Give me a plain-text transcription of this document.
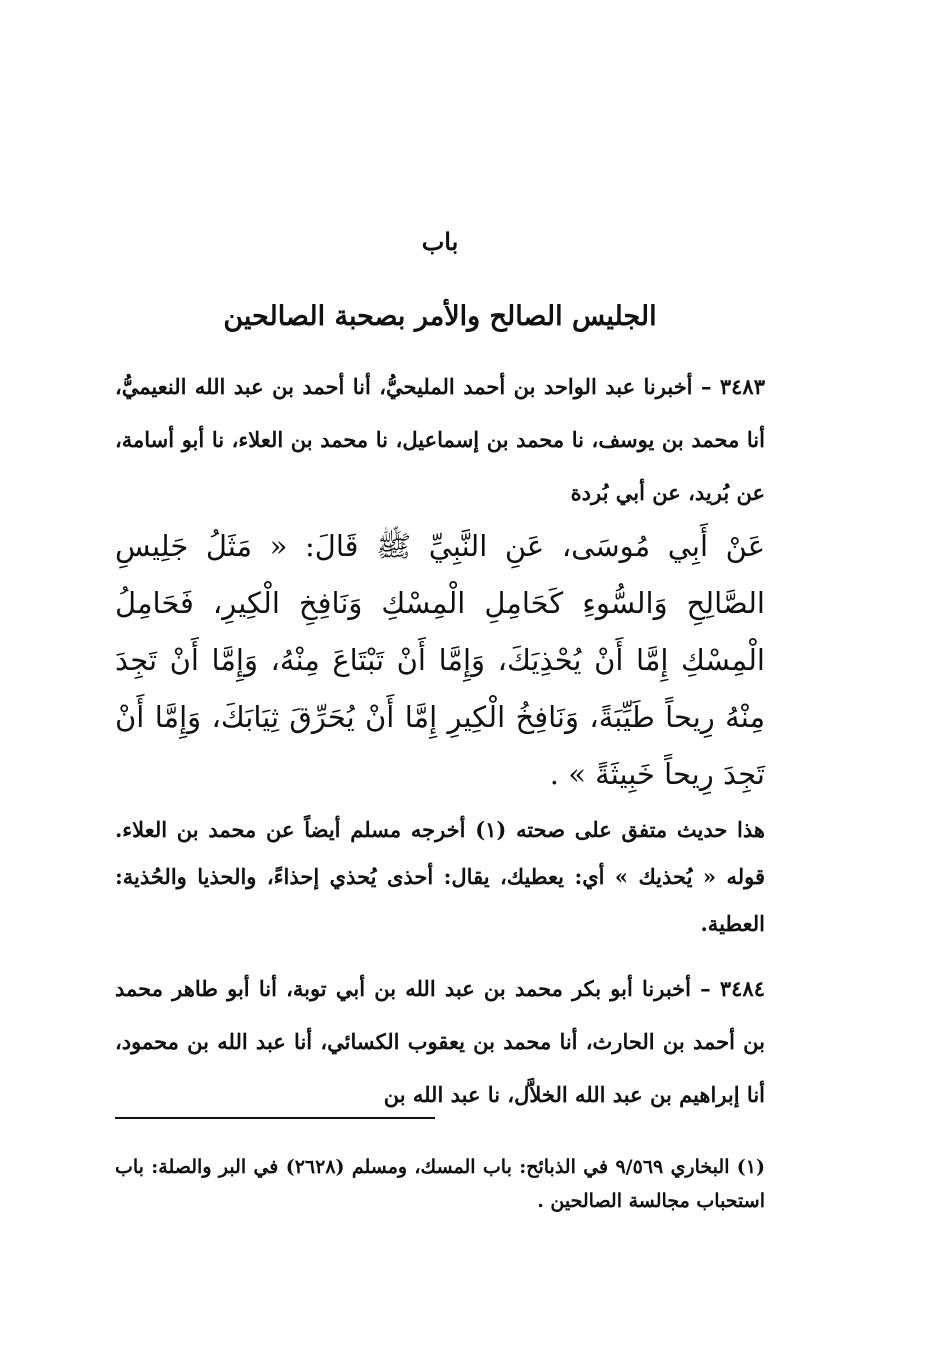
باب
الجليس الصالح والأمر بصحبة الصالحين
٣٤٨٣ – أخبرنا عبد الواحد بن أحمد المليحيُّ، أنا أحمد بن عبد الله النعيميُّ، أنا محمد بن يوسف، نا محمد بن إسماعيل، نا محمد بن العلاء، نا أبو أسامة، عن بُريد، عن أبي بُردة
عَنْ أَبِي مُوسَى، عَنِ النَّبِيِّ ﷺ قَالَ: « مَثَلُ جَلِيسِ الصَّالِحِ وَالسُّوءِ كَحَامِلِ الْمِسْكِ وَنَافِخِ الْكِيرِ، فَحَامِلُ الْمِسْكِ إِمَّا أَنْ يُحْذِيَكَ، وَإِمَّا أَنْ تَبْتَاعَ مِنْهُ، وَإِمَّا أَنْ تَجِدَ مِنْهُ رِيحاً طَيِّبَةً، وَنَافِخُ الْكِيرِ إِمَّا أَنْ يُحَرِّقَ ثِيَابَكَ، وَإِمَّا أَنْ تَجِدَ رِيحاً خَبِيثَةً » .
هذا حديث متفق على صحته (١) أخرجه مسلم أيضاً عن محمد بن العلاء. قوله « يُحذيك » أي: يعطيك، يقال: أحذى يُحذي إحذاءً، والحذيا والحُذية: العطية.
٣٤٨٤ – أخبرنا أبو بكر محمد بن عبد الله بن أبي توبة، أنا أبو طاهر محمد بن أحمد بن الحارث، أنا محمد بن يعقوب الكسائي، أنا عبد الله بن محمود، أنا إبراهيم بن عبد الله الخلاَّل، نا عبد الله بن
(١) البخاري ٩/٥٦٩ في الذبائح: باب المسك، ومسلم (٢٦٢٨) في البر والصلة: باب استحباب مجالسة الصالحين .
